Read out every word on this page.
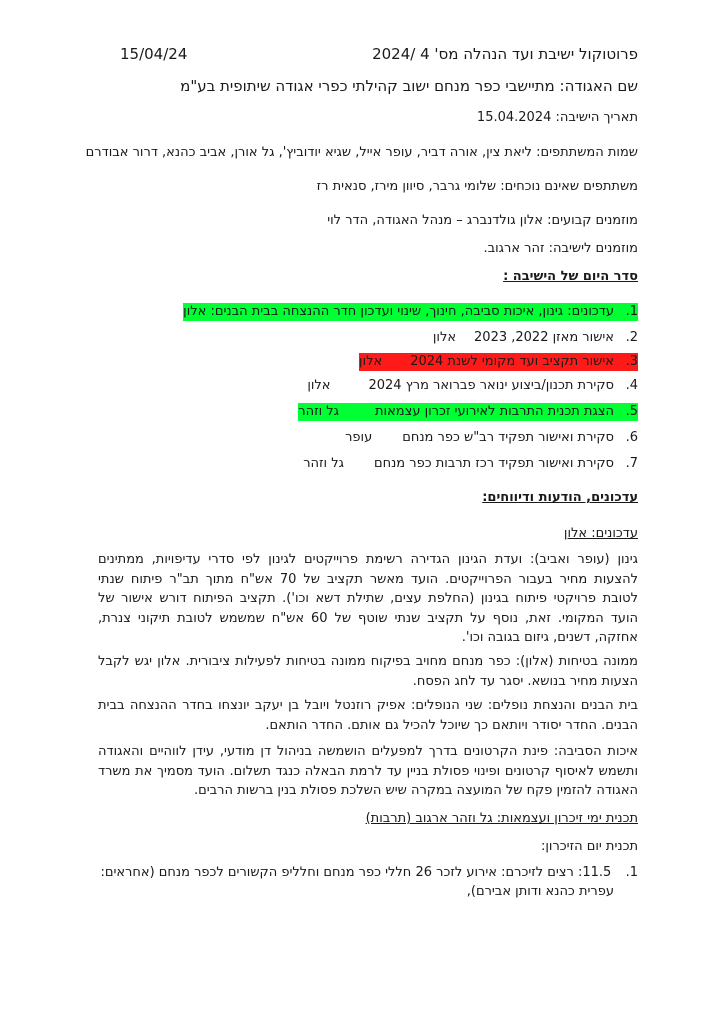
פרוטוקול ישיבת ועד הנהלה מס' 4 /2024
15/04/24
שם האגודה: מתיישבי כפר מנחם ישוב קהילתי כפרי אגודה שיתופית בע"מ
תאריך הישיבה: 15.04.2024
שמות המשתתפים: ליאת צין, אורה דביר, עופר אייל, שגיא יודוביץ', גל אורן, אביב כהנא, דרור אבודרם
משתתפים שאינם נוכחים: שלומי גרבר, סיוון מירז, סנאית רז
מוזמנים קבועים: אלון גולדנברג – מנהל האגודה, הדר לוי
מוזמנים לישיבה: זהר ארגוב.
סדר היום של הישיבה :
1.
עדכונים: גינון, איכות סביבה, חינוך, שינוי ועדכון חדר ההנצחה בבית הבנים: אלון
2.
אישור מאזן 2022, 2023
אלון
3.
אישור תקציב ועד מקומי לשנת 2024
אלון
4.
סקירת תכנון/ביצוע ינואר פברואר מרץ 2024
אלון
5.
הצגת תכנית התרבות לאירועי זכרון עצמאות
גל וזהר
6.
סקירת ואישור תפקיד רב"ש כפר מנחם
עופר
7.
סקירת ואישור תפקיד רכז תרבות כפר מנחם
גל וזהר
עדכונים, הודעות ודיווחים:
עדכונים: אלון
גינון (עופר ואביב): ועדת הגינון הגדירה רשימת פרוייקטים לגינון לפי סדרי עדיפויות, ממתינים להצעות מחיר בעבור הפרוייקטים. הועד מאשר תקציב של 70 אש"ח מתוך תב"ר פיתוח שנתי לטובת פרויקטי פיתוח בגינון (החלפת עצים, שתילת דשא וכו'). תקציב הפיתוח דורש אישור של הועד המקומי. זאת, נוסף על תקציב שנתי שוטף של 60 אש"ח שמשמש לטובת תיקוני צנרת, אחזקה, דשנים, גיזום בגובה וכו'.
ממונה בטיחות (אלון): כפר מנחם מחויב בפיקוח ממונה בטיחות לפעילות ציבורית. אלון יגש לקבל הצעות מחיר בנושא. יסגר עד לחג הפסח.
בית הבנים והנצחת נופלים: שני הנופלים: אפיק רוזנטל ויובל בן יעקב יונצחו בחדר ההנצחה בבית הבנים. החדר יסודר ויותאם כך שיוכל להכיל גם אותם. החדר הותאם.
איכות הסביבה: פינת הקרטונים בדרך למפעלים הושמשה בניהול דן מודעי, עידן לווהיים והאגודה ותשמש לאיסוף קרטונים ופינוי פסולת בניין עד לרמת הבאלה כנגד תשלום. הועד מסמיך את משרד האגודה להזמין פקח של המועצה במקרה שיש השלכת פסולת בנין ברשות הרבים.
תכנית ימי זיכרון ועצמאות: גל וזהר ארגוב (תרבות)
תכנית יום הזיכרון:
1.  11.5: רצים לזיכרם: אירוע לזכר 26 חללי כפר מנחם וחלליפ הקשורים לכפר מנחם (אחראים:
עפרית כהנא ודותן אבירם),
